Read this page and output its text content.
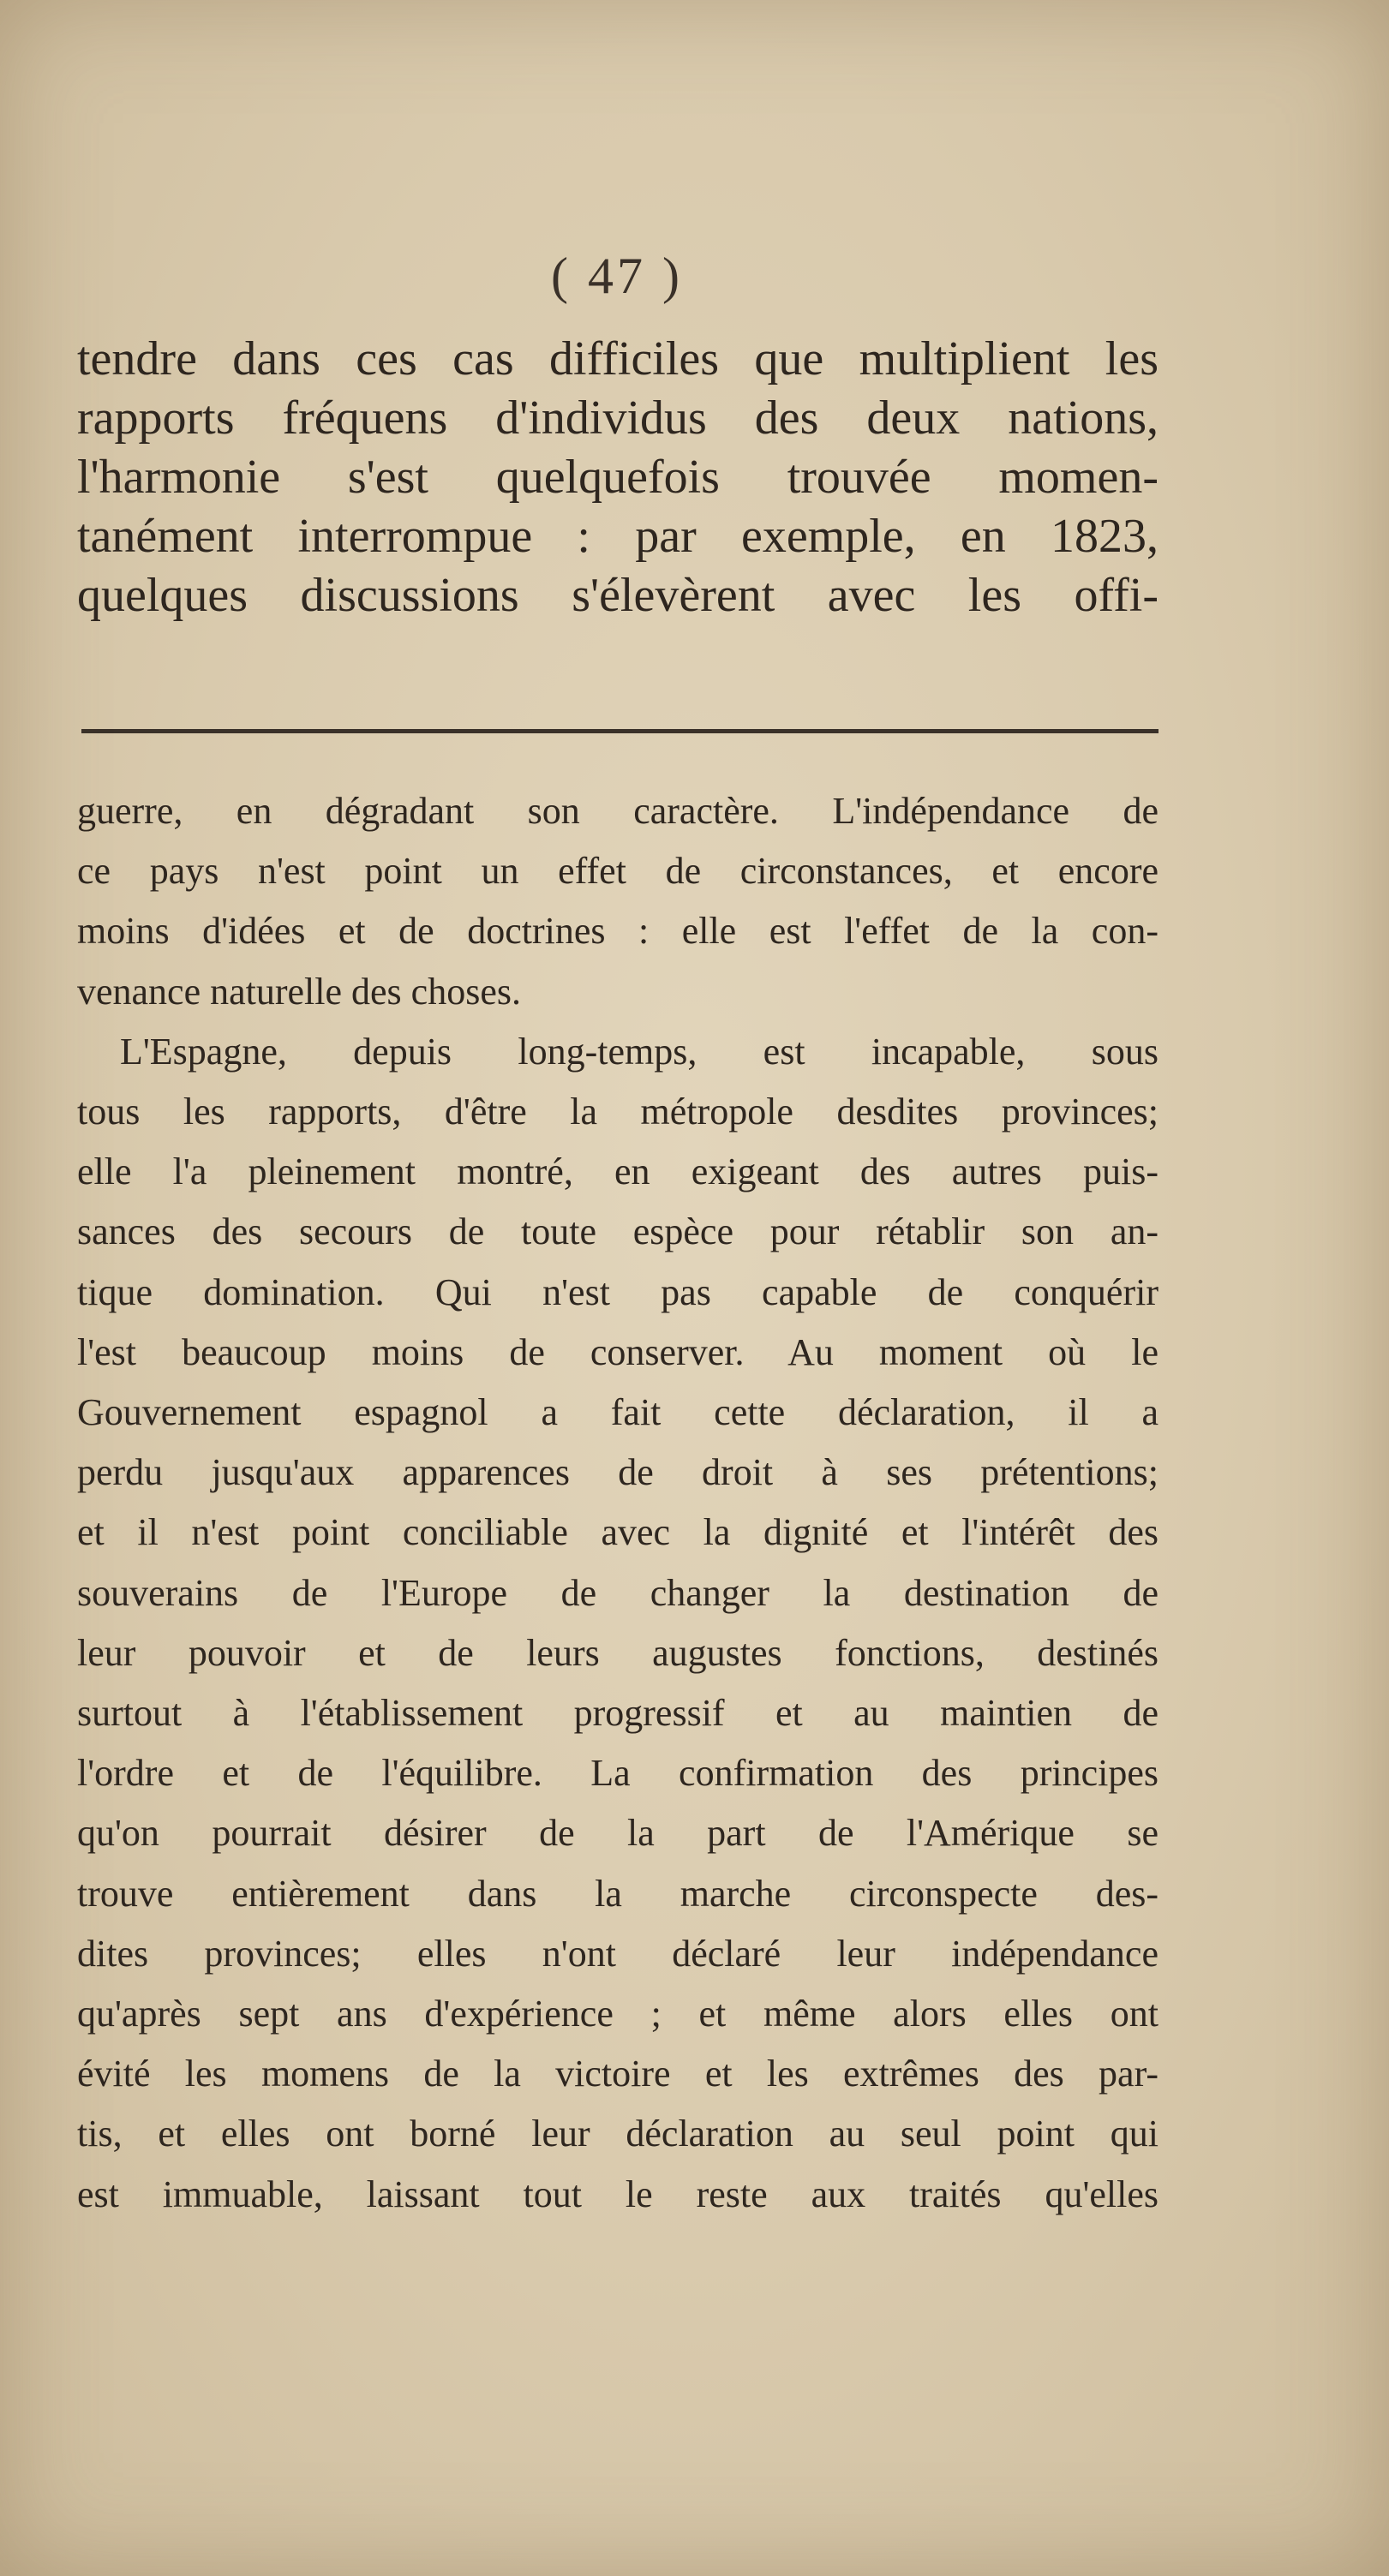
( 47 )
tendre dans ces cas difficiles que multiplient les
rapports fréquens d'individus des deux nations,
l'harmonie s'est quelquefois trouvée momen-
tanément interrompue : par exemple, en 1823,
quelques discussions s'élevèrent avec les offi-
guerre, en dégradant son caractère. L'indépendance de
ce pays n'est point un effet de circonstances, et encore
moins d'idées et de doctrines : elle est l'effet de la con-
venance naturelle des choses.
L'Espagne, depuis long-temps, est incapable, sous
tous les rapports, d'être la métropole desdites provinces;
elle l'a pleinement montré, en exigeant des autres puis-
sances des secours de toute espèce pour rétablir son an-
tique domination. Qui n'est pas capable de conquérir
l'est beaucoup moins de conserver. Au moment où le
Gouvernement espagnol a fait cette déclaration, il a
perdu jusqu'aux apparences de droit à ses prétentions;
et il n'est point conciliable avec la dignité et l'intérêt des
souverains de l'Europe de changer la destination de
leur pouvoir et de leurs augustes fonctions, destinés
surtout à l'établissement progressif et au maintien de
l'ordre et de l'équilibre. La confirmation des principes
qu'on pourrait désirer de la part de l'Amérique se
trouve entièrement dans la marche circonspecte des-
dites provinces; elles n'ont déclaré leur indépendance
qu'après sept ans d'expérience ; et même alors elles ont
évité les momens de la victoire et les extrêmes des par-
tis, et elles ont borné leur déclaration au seul point qui
est immuable, laissant tout le reste aux traités qu'elles
